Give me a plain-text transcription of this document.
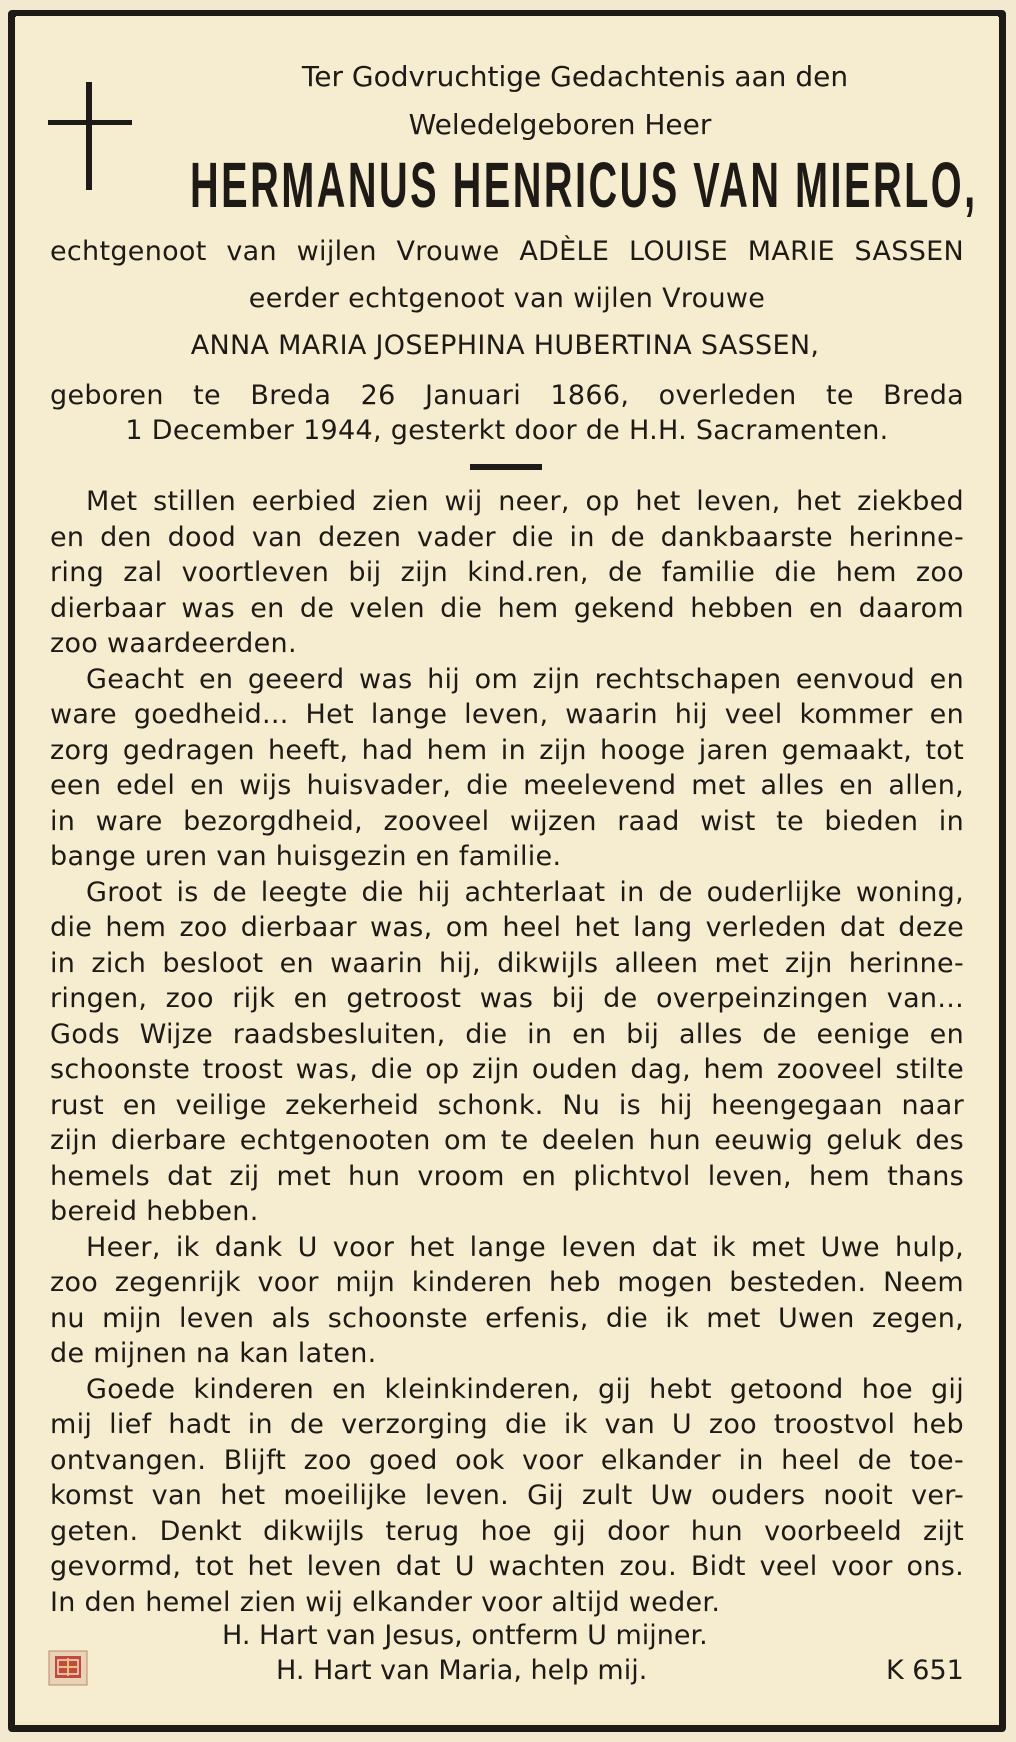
Ter Godvruchtige Gedachtenis aan den
Weledelgeboren Heer
HERMANUS HENRICUS VAN MIERLO,
echtgenoot van wijlen Vrouwe ADÈLE LOUISE MARIE SASSEN
eerder echtgenoot van wijlen Vrouwe
ANNA MARIA JOSEPHINA HUBERTINA SASSEN,
geboren te Breda 26 Januari 1866, overleden te Breda
1 December 1944, gesterkt door de H.H. Sacramenten.
Met stillen eerbied zien wij neer, op het leven, het ziekbed
en den dood van dezen vader die in de dankbaarste herinne-
ring zal voortleven bij zijn kind.ren, de familie die hem zoo
dierbaar was en de velen die hem gekend hebben en daarom
zoo waardeerden.
Geacht en geeerd was hij om zijn rechtschapen eenvoud en
ware goedheid... Het lange leven, waarin hij veel kommer en
zorg gedragen heeft, had hem in zijn hooge jaren gemaakt, tot
een edel en wijs huisvader, die meelevend met alles en allen,
in ware bezorgdheid, zooveel wijzen raad wist te bieden in
bange uren van huisgezin en familie.
Groot is de leegte die hij achterlaat in de ouderlijke woning,
die hem zoo dierbaar was, om heel het lang verleden dat deze
in zich besloot en waarin hij, dikwijls alleen met zijn herinne-
ringen, zoo rijk en getroost was bij de overpeinzingen van...
Gods Wijze raadsbesluiten, die in en bij alles de eenige en
schoonste troost was, die op zijn ouden dag, hem zooveel stilte
rust en veilige zekerheid schonk. Nu is hij heengegaan naar
zijn dierbare echtgenooten om te deelen hun eeuwig geluk des
hemels dat zij met hun vroom en plichtvol leven, hem thans
bereid hebben.
Heer, ik dank U voor het lange leven dat ik met Uwe hulp,
zoo zegenrijk voor mijn kinderen heb mogen besteden. Neem
nu mijn leven als schoonste erfenis, die ik met Uwen zegen,
de mijnen na kan laten.
Goede kinderen en kleinkinderen, gij hebt getoond hoe gij
mij lief hadt in de verzorging die ik van U zoo troostvol heb
ontvangen. Blijft zoo goed ook voor elkander in heel de toe-
komst van het moeilijke leven. Gij zult Uw ouders nooit ver-
geten. Denkt dikwijls terug hoe gij door hun voorbeeld zijt
gevormd, tot het leven dat U wachten zou. Bidt veel voor ons.
In den hemel zien wij elkander voor altijd weder.
H. Hart van Jesus, ontferm U mijner.
H. Hart van Maria, help mij.	K 651
